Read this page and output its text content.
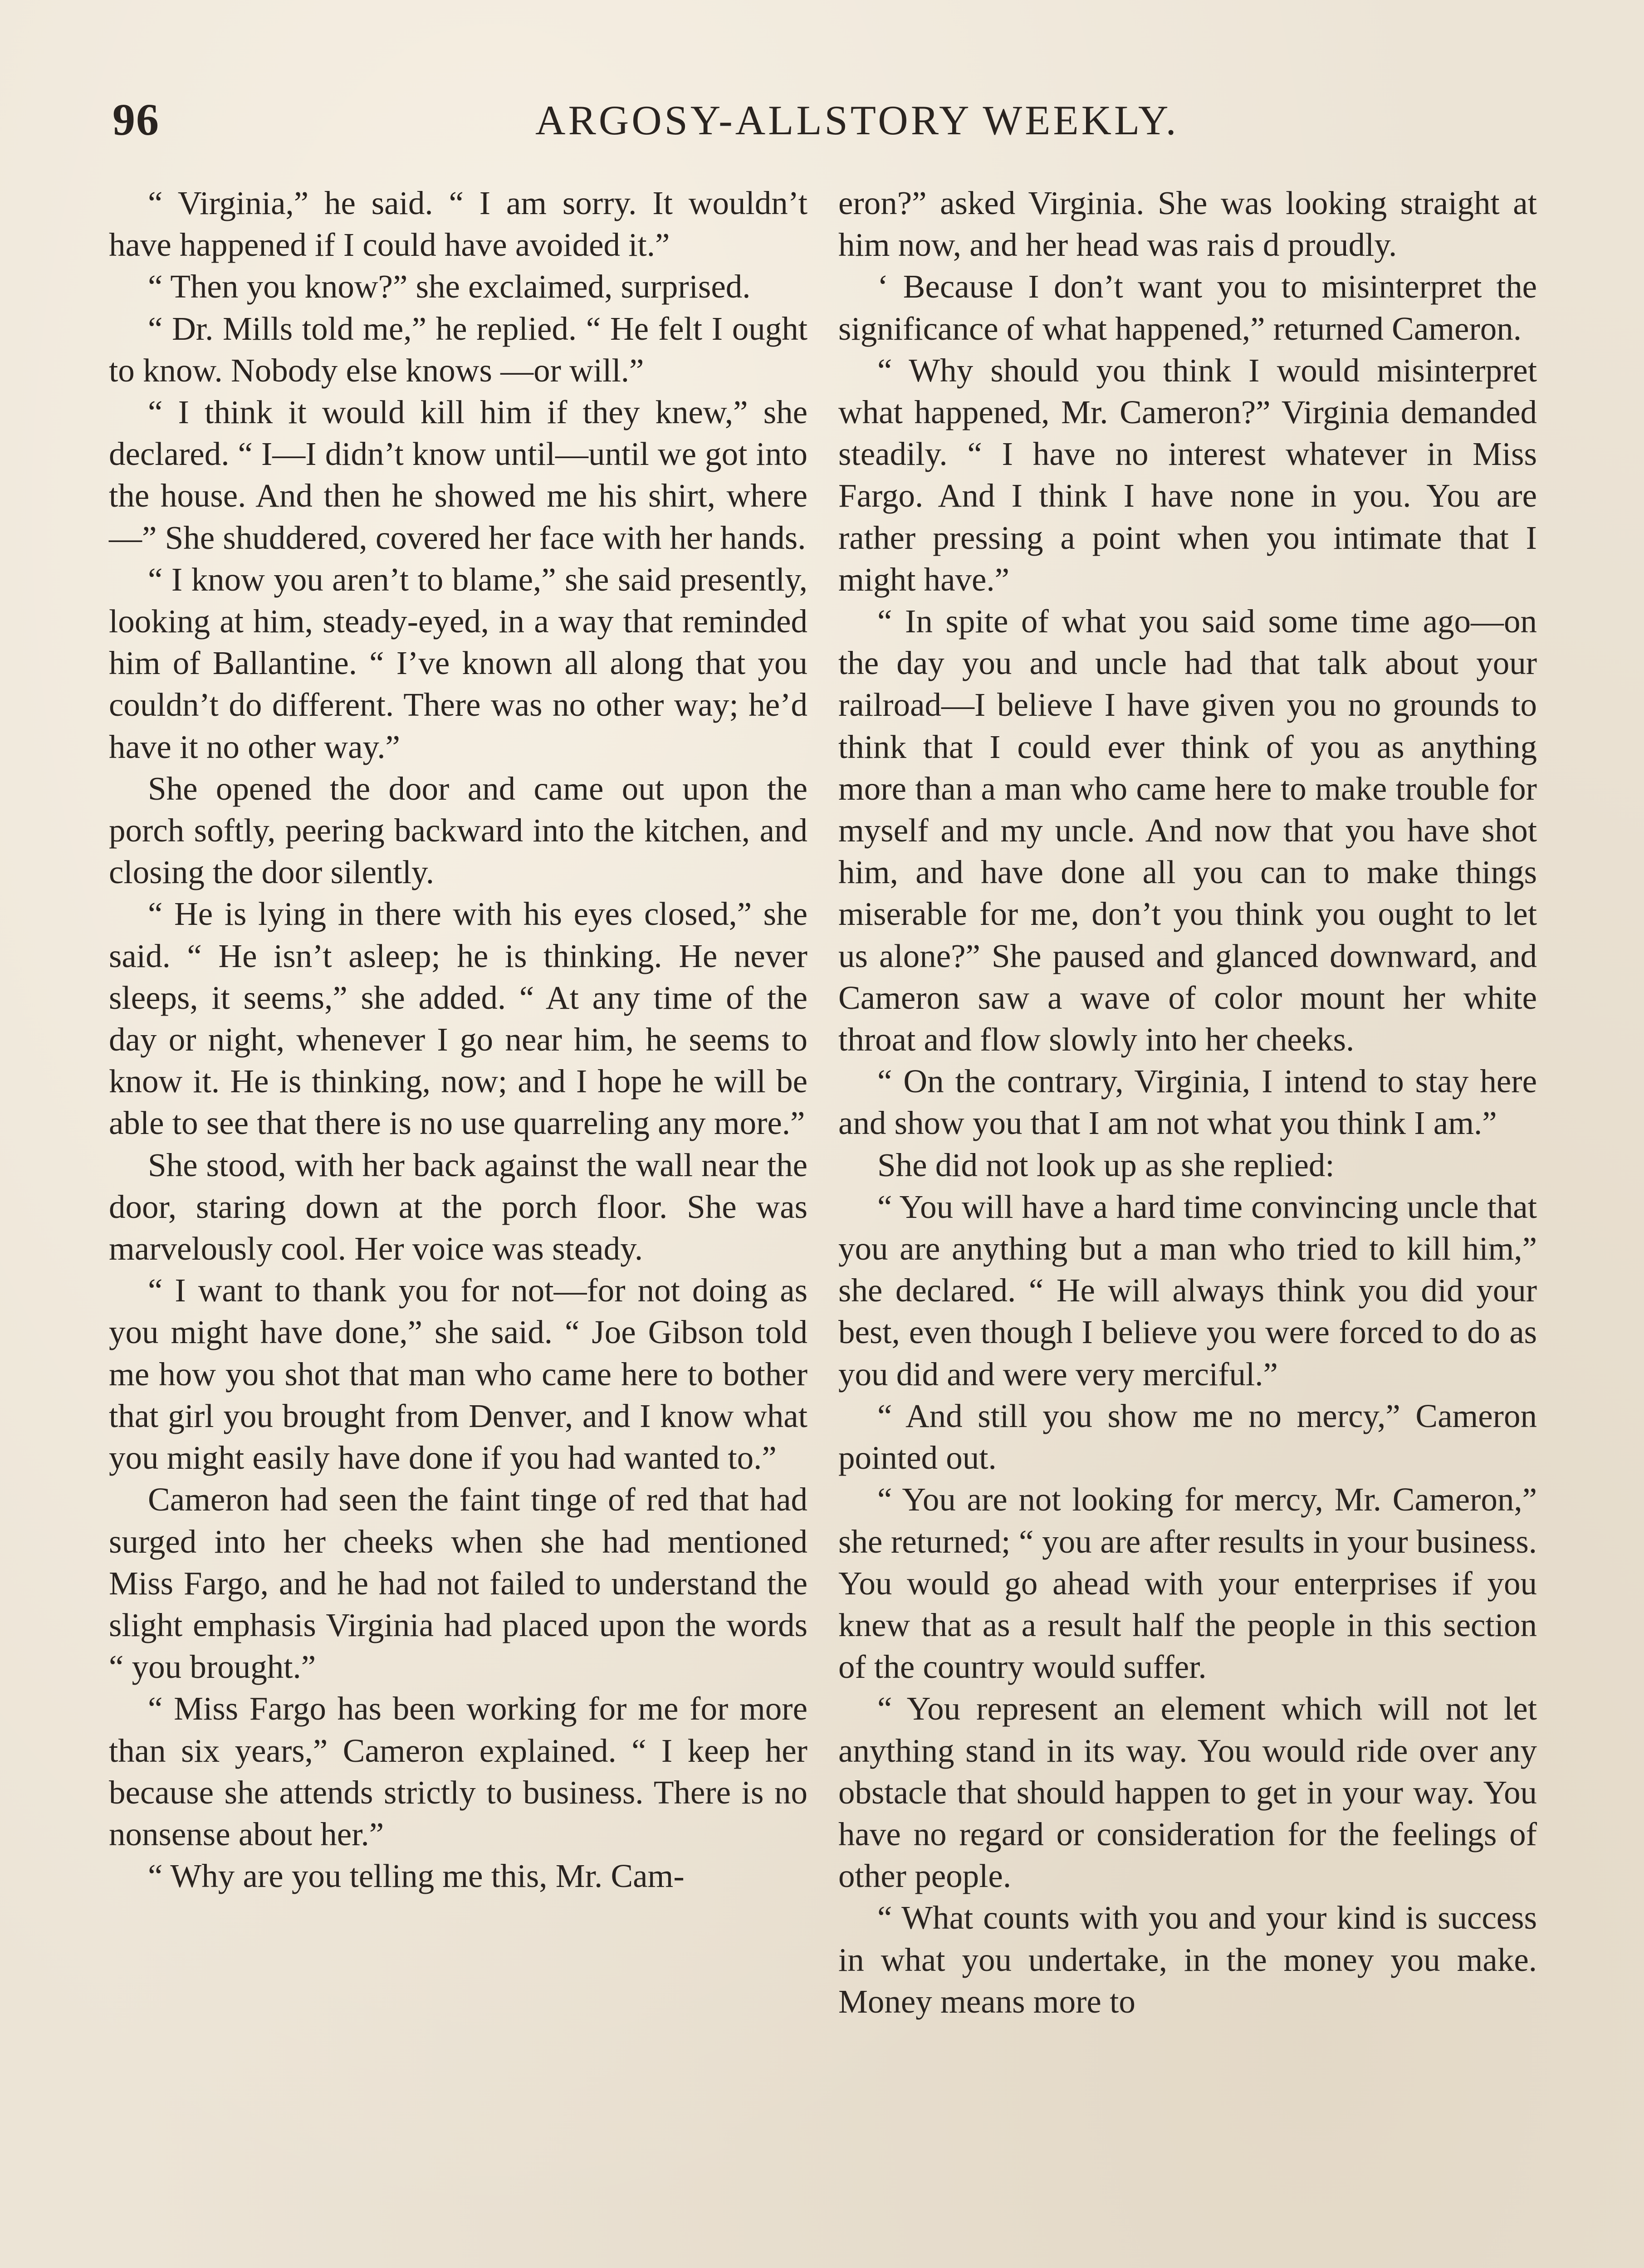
96	ARGOSY-ALLSTORY WEEKLY.

“ Virginia,” he said. “ I am sorry. It wouldn’t have happened if I could have avoided it.”

“ Then you know?” she exclaimed, surprised.

“ Dr. Mills told me,” he replied. “ He felt I ought to know. Nobody else knows —or will.”

“ I think it would kill him if they knew,” she declared. “ I—I didn’t know until—until we got into the house. And then he showed me his shirt, where—” She shuddered, covered her face with her hands.

“ I know you aren’t to blame,” she said presently, looking at him, steady-eyed, in a way that reminded him of Ballantine. “ I’ve known all along that you couldn’t do different. There was no other way; he’d have it no other way.”

She opened the door and came out upon the porch softly, peering backward into the kitchen, and closing the door silently.

“ He is lying in there with his eyes closed,” she said. “ He isn’t asleep; he is thinking. He never sleeps, it seems,” she added. “ At any time of the day or night, whenever I go near him, he seems to know it. He is thinking, now; and I hope he will be able to see that there is no use quarreling any more.”

She stood, with her back against the wall near the door, staring down at the porch floor. She was marvelously cool. Her voice was steady.

“ I want to thank you for not—for not doing as you might have done,” she said. “ Joe Gibson told me how you shot that man who came here to bother that girl you brought from Denver, and I know what you might easily have done if you had wanted to.”

Cameron had seen the faint tinge of red that had surged into her cheeks when she had mentioned Miss Fargo, and he had not failed to understand the slight emphasis Virginia had placed upon the words “ you brought.”

“ Miss Fargo has been working for me for more than six years,” Cameron explained. “ I keep her because she attends strictly to business. There is no nonsense about her.”

“ Why are you telling me this, Mr. Cam-

eron?” asked Virginia. She was looking straight at him now, and her head was rais d proudly.

‘ Because I don’t want you to misinterpret the significance of what happened,” returned Cameron.

“ Why should you think I would misinterpret what happened, Mr. Cameron?” Virginia demanded steadily. “ I have no interest whatever in Miss Fargo. And I think I have none in you. You are rather pressing a point when you intimate that I might have.”

“ In spite of what you said some time ago—on the day you and uncle had that talk about your railroad—I believe I have given you no grounds to think that I could ever think of you as anything more than a man who came here to make trouble for myself and my uncle. And now that you have shot him, and have done all you can to make things miserable for me, don’t you think you ought to let us alone?” She paused and glanced downward, and Cameron saw a wave of color mount her white throat and flow slowly into her cheeks.

“ On the contrary, Virginia, I intend to stay here and show you that I am not what you think I am.”

She did not look up as she replied:

“ You will have a hard time convincing uncle that you are anything but a man who tried to kill him,” she declared. “ He will always think you did your best, even though I believe you were forced to do as you did and were very merciful.”

“ And still you show me no mercy,” Cameron pointed out.

“ You are not looking for mercy, Mr. Cameron,” she returned; “ you are after results in your business. You would go ahead with your enterprises if you knew that as a result half the people in this section of the country would suffer.

“ You represent an element which will not let anything stand in its way. You would ride over any obstacle that should happen to get in your way. You have no regard or consideration for the feelings of other people.

“ What counts with you and your kind is success in what you undertake, in the money you make. Money means more to
